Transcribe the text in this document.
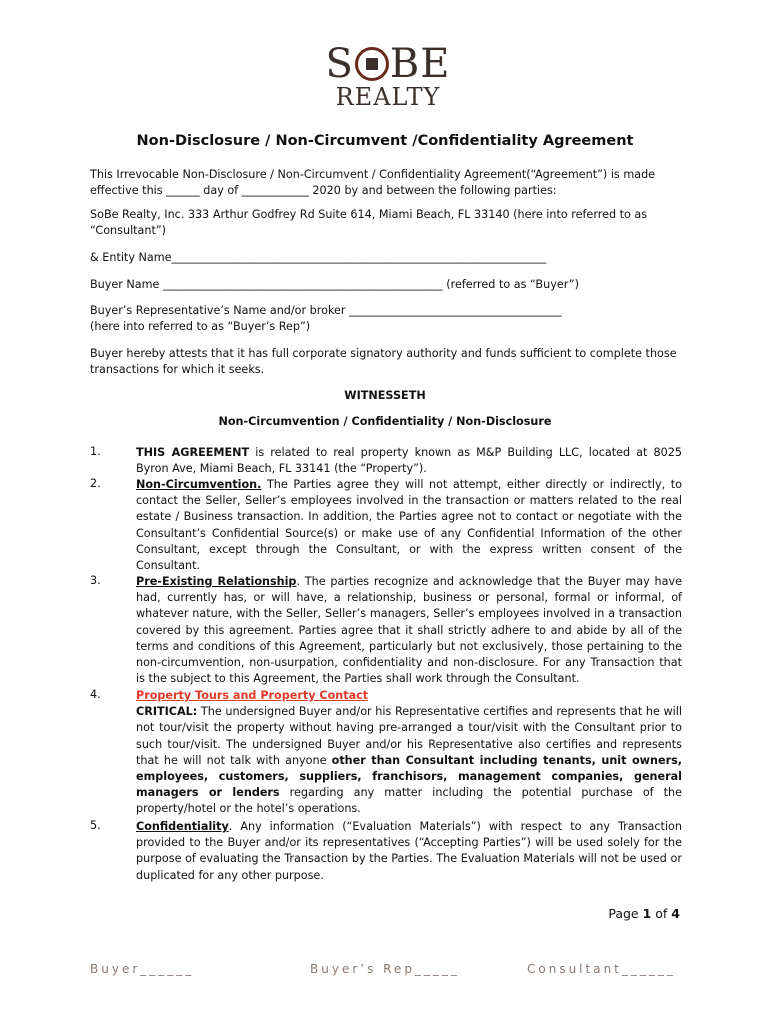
S BE
REALTY
Non-Disclosure / Non-Circumvent /Confidentiality Agreement
This Irrevocable Non-Disclosure / Non-Circumvent / Confidentiality Agreement(“Agreement”) is made
effective this ______ day of ____________ 2020 by and between the following parties:
SoBe Realty, Inc. 333 Arthur Godfrey Rd Suite 614, Miami Beach, FL 33140 (here into referred to as
“Consultant”)
& Entity Name___________________________________________________________________
Buyer Name __________________________________________________ (referred to as “Buyer”)
Buyer’s Representative’s Name and/or broker ______________________________________
(here into referred to as “Buyer’s Rep”)
Buyer hereby attests that it has full corporate signatory authority and funds sufficient to complete those transactions for which it seeks.
WITNESSETH
Non-Circumvention / Confidentiality / Non-Disclosure
1.	THIS AGREEMENT is related to real property known as M&P Building LLC, located at 8025 Byron Ave, Miami Beach, FL 33141 (the “Property”).
2.	Non-Circumvention. The Parties agree they will not attempt, either directly or indirectly, to contact the Seller, Seller’s employees involved in the transaction or matters related to the real estate / Business transaction. In addition, the Parties agree not to contact or negotiate with the Consultant’s Confidential Source(s) or make use of any Confidential Information of the other Consultant, except through the Consultant, or with the express written consent of the Consultant.
3.	Pre-Existing Relationship. The parties recognize and acknowledge that the Buyer may have had, currently has, or will have, a relationship, business or personal, formal or informal, of whatever nature, with the Seller, Seller’s managers, Seller’s employees involved in a transaction covered by this agreement. Parties agree that it shall strictly adhere to and abide by all of the terms and conditions of this Agreement, particularly but not exclusively, those pertaining to the non-circumvention, non-usurpation, confidentiality and non-disclosure. For any Transaction that is the subject to this Agreement, the Parties shall work through the Consultant.
4.	Property Tours and Property Contact
CRITICAL: The undersigned Buyer and/or his Representative certifies and represents that he will not tour/visit the property without having pre-arranged a tour/visit with the Consultant prior to such tour/visit. The undersigned Buyer and/or his Representative also certifies and represents that he will not talk with anyone other than Consultant including tenants, unit owners, employees, customers, suppliers, franchisors, management companies, general managers or lenders regarding any matter including the potential purchase of the property/hotel or the hotel’s operations.
5.	Confidentiality. Any information (“Evaluation Materials”) with respect to any Transaction provided to the Buyer and/or its representatives (“Accepting Parties”) will be used solely for the purpose of evaluating the Transaction by the Parties. The Evaluation Materials will not be used or duplicated for any other purpose.
Page 1 of 4
Buyer______	Buyer’s Rep_____	Consultant______
